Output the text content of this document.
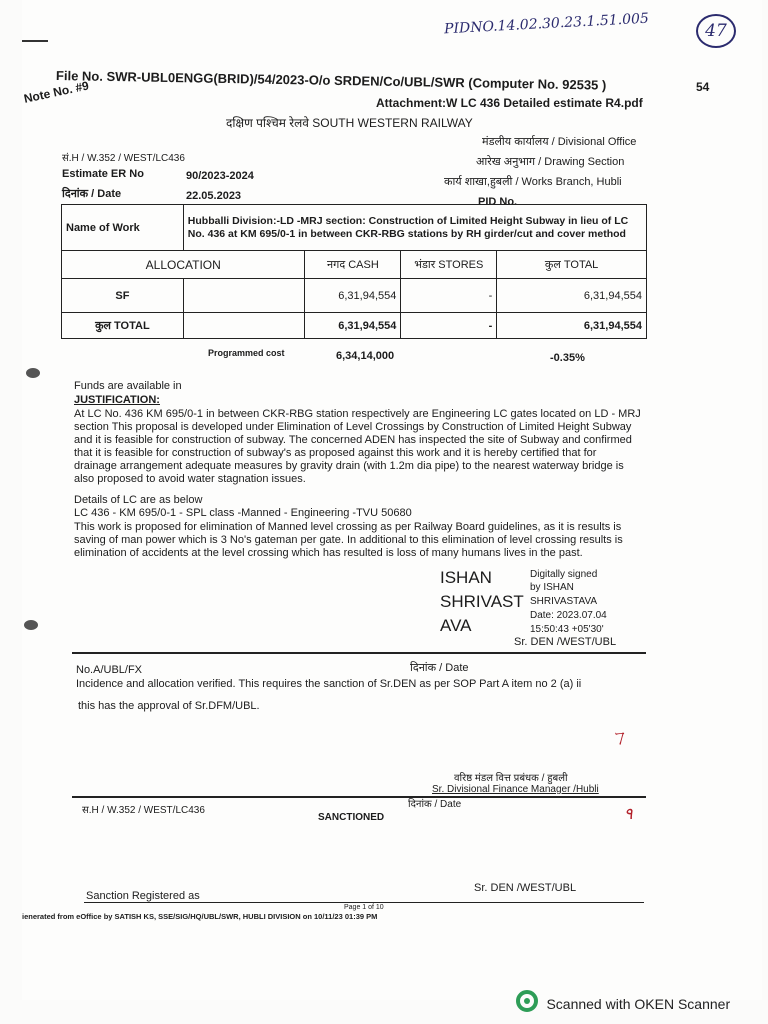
PIDNO.14.02.30.23.1.51.005	47
File No. SWR-UBL0ENGG(BRID)/54/2023-O/o SRDEN/Co/UBL/SWR (Computer No. 92535 )	54
Note No. #9	Attachment:W LC 436 Detailed estimate R4.pdf
दक्षिण पश्चिम रेलवे SOUTH WESTERN RAILWAY
सं.H / W.352 / WEST/LC436
Estimate ER No	90/2023-2024
दिनांक / Date	22.05.2023
मंडलीय कार्यालय / Divisional Office
आरेख अनुभाग / Drawing Section
कार्य शाखा,हुबली / Works Branch, Hubli
PID No.
Name of Work	Hubballi Division:-LD -MRJ section: Construction of Limited Height Subway in lieu of LC No. 436 at KM 695/0-1 in between CKR-RBG stations by RH girder/cut and cover method			
ALLOCATION		नगद CASH	भंडार STORES	कुल TOTAL
SF		6,31,94,554	-	6,31,94,554
कुल TOTAL		6,31,94,554	-	6,31,94,554
Programmed cost	6,34,14,000	-0.35%
Funds are available in
JUSTIFICATION:
At LC No. 436 KM 695/0-1 in between CKR-RBG station respectively are Engineering LC gates located on LD - MRJ section This proposal is developed under Elimination of Level Crossings by Construction of Limited Height Subway and it is feasible for construction of subway. The concerned ADEN has inspected the site of Subway and confirmed that it is feasible for construction of subway's as proposed against this work and it is hereby certified that for drainage arrangement adequate measures by gravity drain (with 1.2m dia pipe) to the nearest waterway bridge is also proposed to avoid water stagnation issues.
Details of LC are as below
LC 436 - KM 695/0-1 - SPL class -Manned - Engineering -TVU 50680
This work is proposed for elimination of Manned level crossing as per Railway Board guidelines, as it is results is saving of man power which is 3 No's gateman per gate. In additional to this elimination of level crossing results is elimination of accidents at the level crossing which has resulted is loss of many humans lives in the past.
ISHAN
SHRIVAST
AVA
Digitally signed
by ISHAN
SHRIVASTAVA
Date: 2023.07.04
15:50:43 +05'30'
Sr. DEN /WEST/UBL
No.A/UBL/FX	दिनांक / Date
Incidence and allocation verified. This requires the sanction of Sr.DEN as per SOP Part A item no 2 (a) ii
this has the approval of Sr.DFM/UBL.
ヿ
वरिष्ठ मंडल वित्त प्रबंधक / हुबली
Sr. Divisional Finance Manager /Hubli
स.H / W.352 / WEST/LC436
दिनांक / Date
SANCTIONED	٩
Sanction Registered as
Sr. DEN /WEST/UBL
Page 1 of 10
ienerated from eOffice by SATISH KS, SSE/SIG/HQ/UBL/SWR, HUBLI DIVISION on 10/11/23 01:39 PM
Scanned with OKEN Scanner
